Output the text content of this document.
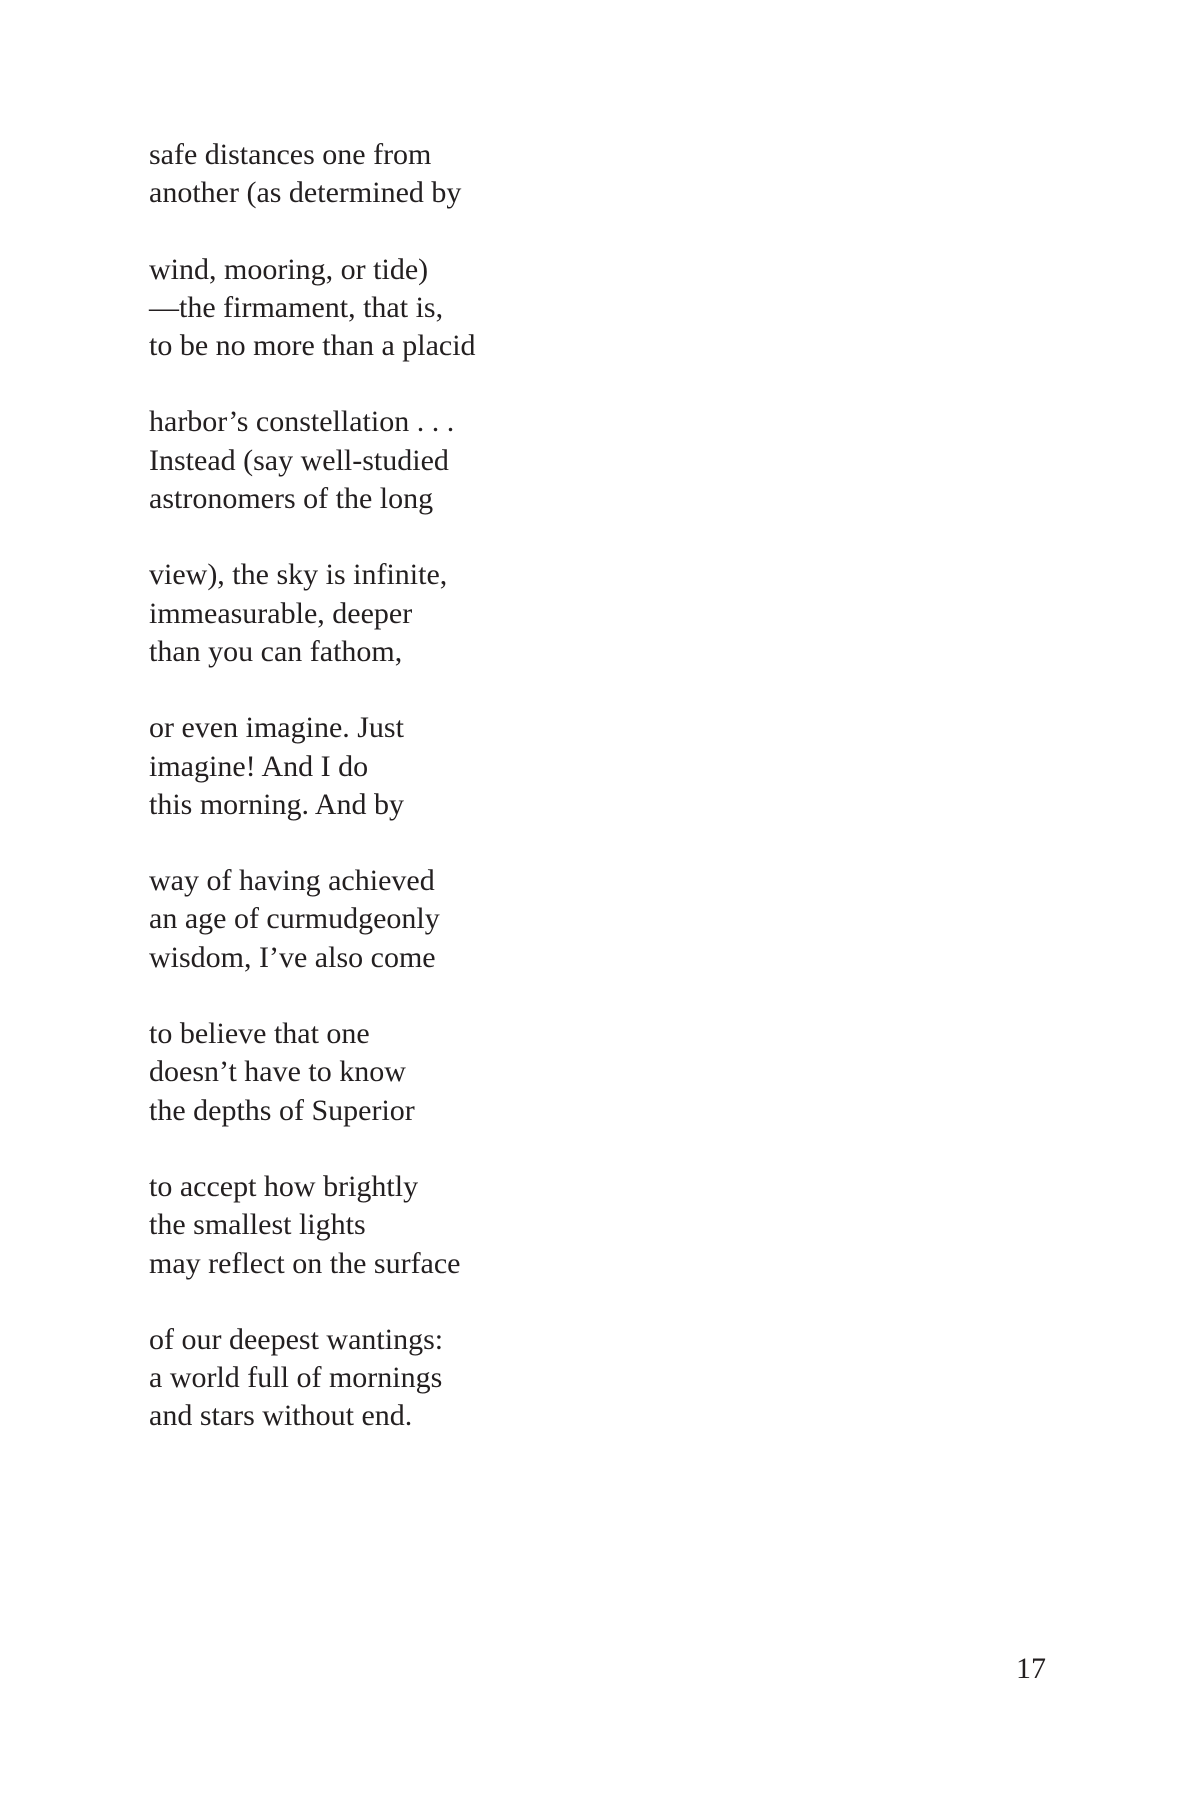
safe distances one from
another (as determined by
wind, mooring, or tide)
—the firmament, that is,
to be no more than a placid
harbor’s constellation . . .
Instead (say well-studied
astronomers of the long
view), the sky is infinite,
immeasurable, deeper
than you can fathom,
or even imagine. Just
imagine! And I do
this morning. And by
way of having achieved
an age of curmudgeonly
wisdom, I’ve also come
to believe that one
doesn’t have to know
the depths of Superior
to accept how brightly
the smallest lights
may reflect on the surface
of our deepest wantings:
a world full of mornings
and stars without end.
17
